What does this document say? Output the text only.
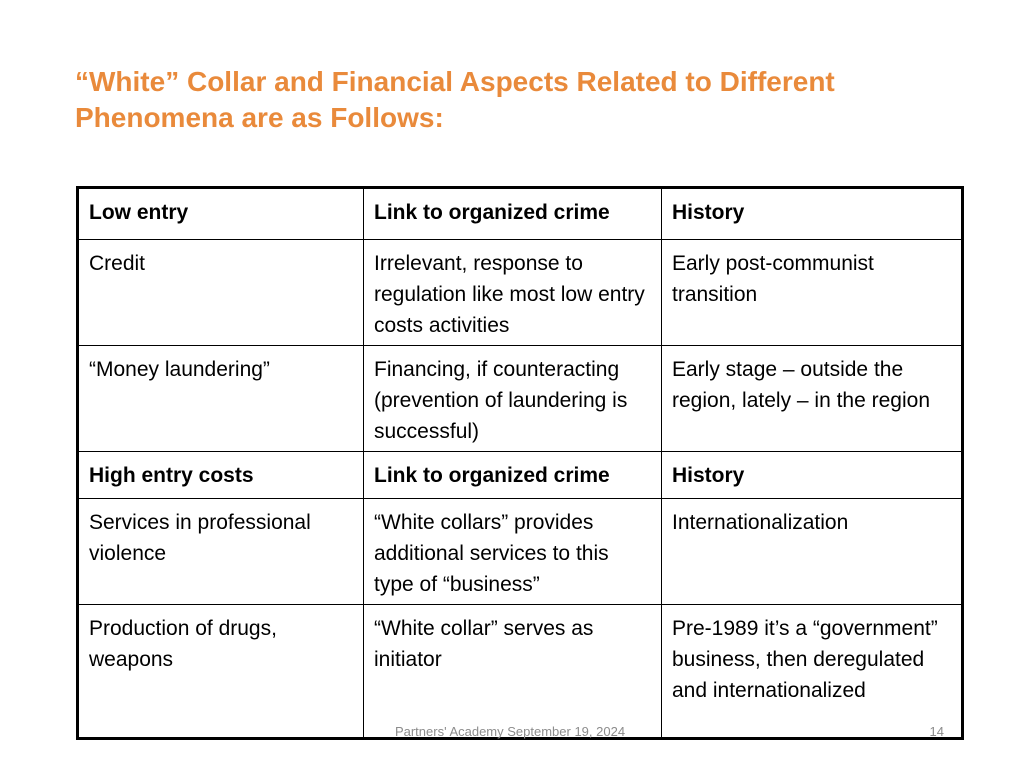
“White” Collar and Financial Aspects Related to Different Phenomena are as Follows:
Low entry	Link to organized crime	History
Credit	Irrelevant, response to regulation like most low entry costs activities	Early post-communist transition
“Money laundering”	Financing, if counteracting (prevention of laundering is successful)	Early stage – outside the region, lately – in the region
High entry costs	Link to organized crime	History
Services in professional violence	“White collars” provides additional services to this type of “business”	Internationalization
Production of drugs, weapons	“White collar” serves as initiator	Pre-1989 it’s a “government” business, then deregulated and internationalized
Partners' Academy September 19, 2024	14
